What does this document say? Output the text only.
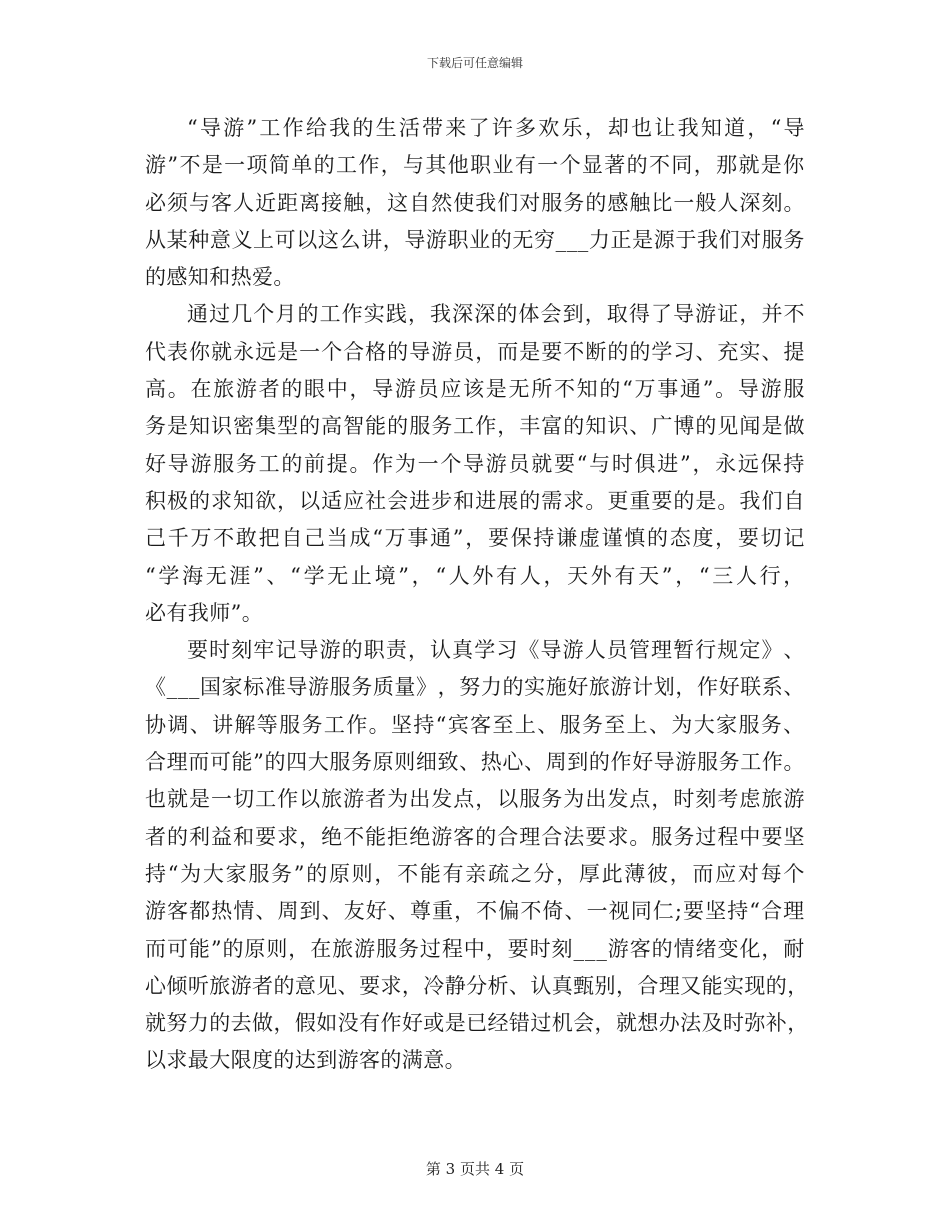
下载后可任意编辑
“ 导 游 ” 工 作 给 我 的 生 活 带 来 了 许 多 欢 乐 ， 却 也 让 我 知 道 ， “ 导
游 ” 不 是 一 项 简 单 的 工 作 ， 与 其 他 职 业 有 一 个 显 著 的 不 同 ， 那 就 是 你
必 须 与 客 人 近 距 离 接 触 ， 这 自 然 使 我 们 对 服 务 的 感 触 比 一 般 人 深 刻 。
从 某 种 意 义 上 可 以 这 么 讲 ， 导 游 职 业 的 无 穷 _ _ _ 力 正 是 源 于 我 们 对 服 务
的感知和热爱。
通 过 几 个 月 的 工 作 实 践 ， 我 深 深 的 体 会 到 ， 取 得 了 导 游 证 ， 并 不
代 表 你 就 永 远 是 一 个 合 格 的 导 游 员 ， 而 是 要 不 断 的 的 学 习 、 充 实 、 提
高 。 在 旅 游 者 的 眼 中 ， 导 游 员 应 该 是 无 所 不 知 的 “ 万 事 通 ” 。 导 游 服
务 是 知 识 密 集 型 的 高 智 能 的 服 务 工 作 ， 丰 富 的 知 识 、 广 博 的 见 闻 是 做
好 导 游 服 务 工 的 前 提 。 作 为 一 个 导 游 员 就 要 “ 与 时 俱 进 ” ， 永 远 保 持
积 极 的 求 知 欲 ， 以 适 应 社 会 进 步 和 进 展 的 需 求 。 更 重 要 的 是 。 我 们 自
己 千 万 不 敢 把 自 己 当 成 “ 万 事 通 ” ， 要 保 持 谦 虚 谨 慎 的 态 度 ， 要 切 记
“ 学 海 无 涯 ” 、 “ 学 无 止 境 ” ， “ 人 外 有 人 ， 天 外 有 天 ” ， “ 三 人 行 ，
必有我师”。
要 时 刻 牢 记 导 游 的 职 责 ， 认 真 学 习 《 导 游 人 员 管 理 暂 行 规 定 》 、
《 _ _ _ 国 家 标 准 导 游 服 务 质 量 》 ， 努 力 的 实 施 好 旅 游 计 划 ， 作 好 联 系 、
协 调 、 讲 解 等 服 务 工 作 。 坚 持 “ 宾 客 至 上 、 服 务 至 上 、 为 大 家 服 务 、
合 理 而 可 能 ” 的 四 大 服 务 原 则 细 致 、 热 心 、 周 到 的 作 好 导 游 服 务 工 作 。
也 就 是 一 切 工 作 以 旅 游 者 为 出 发 点 ， 以 服 务 为 出 发 点 ， 时 刻 考 虑 旅 游
者 的 利 益 和 要 求 ， 绝 不 能 拒 绝 游 客 的 合 理 合 法 要 求 。 服 务 过 程 中 要 坚
持 “ 为 大 家 服 务 ” 的 原 则 ， 不 能 有 亲 疏 之 分 ， 厚 此 薄 彼 ， 而 应 对 每 个
游 客 都 热 情 、 周 到 、 友 好 、 尊 重 ， 不 偏 不 倚 、 一 视 同 仁 ; 要 坚 持 “ 合 理
而 可 能 ” 的 原 则 ， 在 旅 游 服 务 过 程 中 ， 要 时 刻 _ _ _ 游 客 的 情 绪 变 化 ， 耐
心 倾 听 旅 游 者 的 意 见 、 要 求 ， 冷 静 分 析 、 认 真 甄 别 ， 合 理 又 能 实 现 的 ，
就 努 力 的 去 做 ， 假 如 没 有 作 好 或 是 已 经 错 过 机 会 ， 就 想 办 法 及 时 弥 补 ，
以求最大限度的达到游客的满意。
第 3 页共 4 页
